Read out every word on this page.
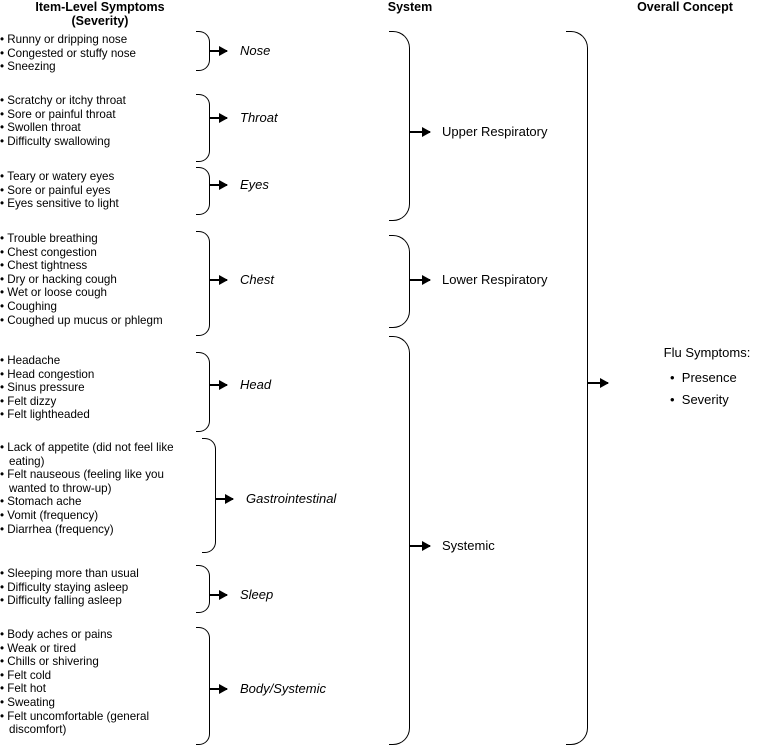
Item-Level Symptoms
(Severity)
System	Overall Concept
• Runny or dripping nose
• Congested or stuffy nose
• Sneezing
• Scratchy or itchy throat
• Sore or painful throat
• Swollen throat
• Difficulty swallowing
• Teary or watery eyes
• Sore or painful eyes
• Eyes sensitive to light
• Trouble breathing
• Chest congestion
• Chest tightness
• Dry or hacking cough
• Wet or loose cough
• Coughing
• Coughed up mucus or phlegm
• Headache
• Head congestion
• Sinus pressure
• Felt dizzy
• Felt lightheaded
• Lack of appetite (did not feel like eating)
• Felt nauseous (feeling like you wanted to throw-up)
• Stomach ache
• Vomit (frequency)
• Diarrhea (frequency)
• Sleeping more than usual
• Difficulty staying asleep
• Difficulty falling asleep
• Body aches or pains
• Weak or tired
• Chills or shivering
• Felt cold
• Felt hot
• Sweating
• Felt uncomfortable (general discomfort)
Nose
Throat
Eyes
Chest
Head
Gastrointestinal
Sleep
Body/Systemic
Upper Respiratory
Lower Respiratory
Systemic
Flu Symptoms:
•  Presence
•  Severity
